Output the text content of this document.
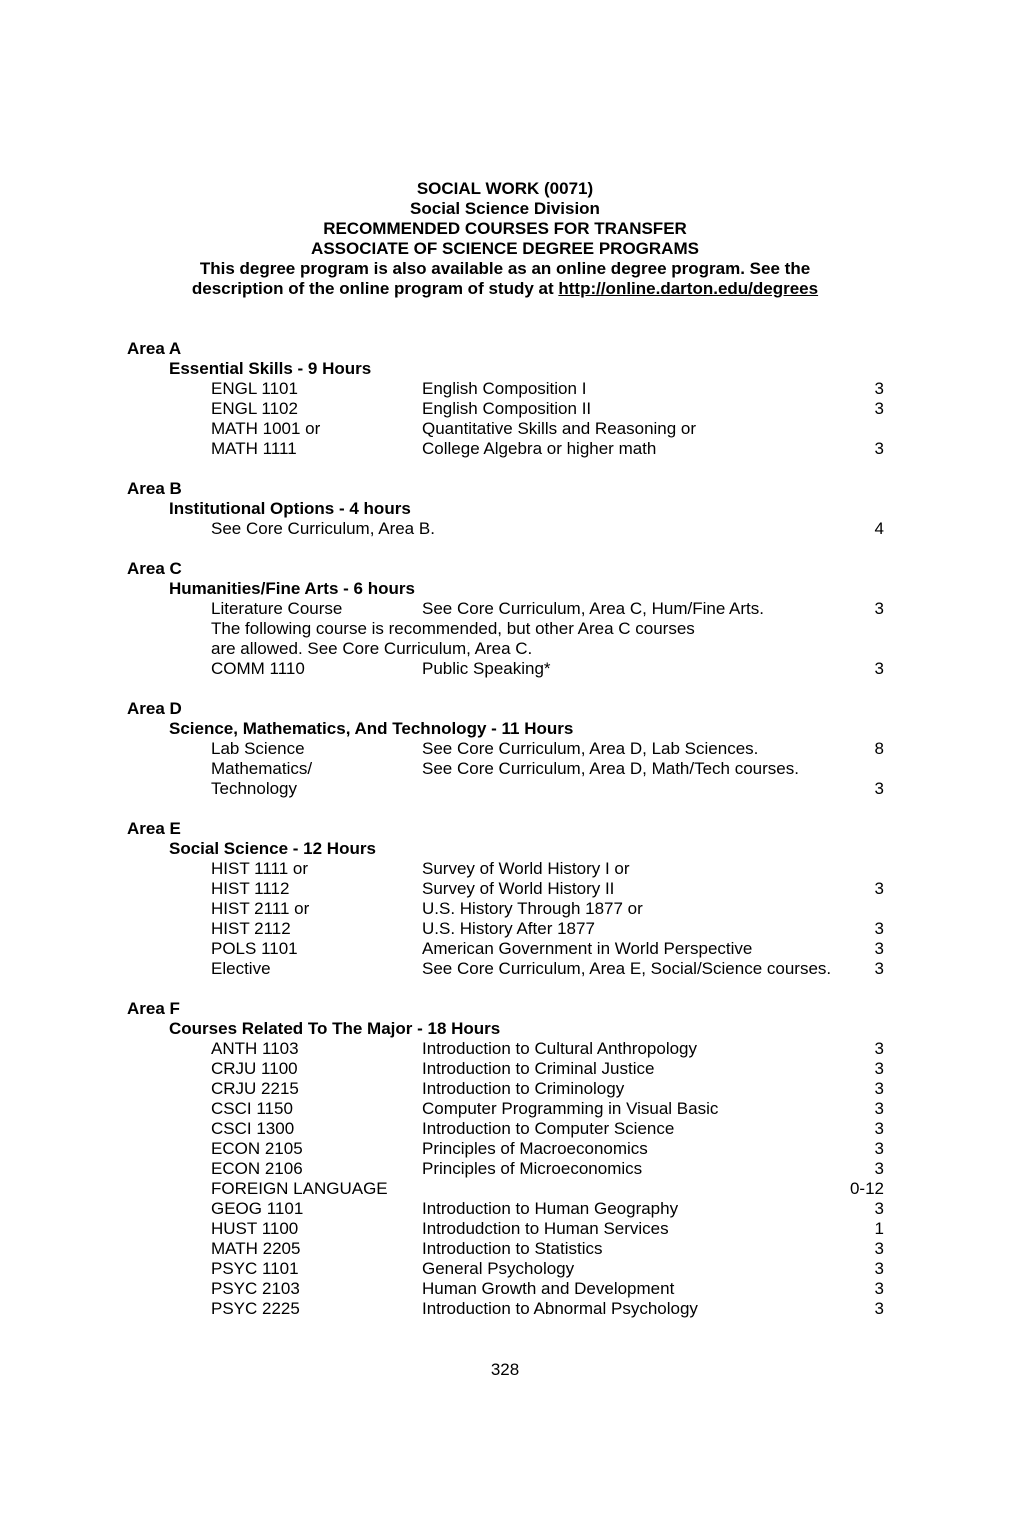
SOCIAL WORK (0071)
Social Science Division
RECOMMENDED COURSES FOR TRANSFER
ASSOCIATE OF SCIENCE DEGREE PROGRAMS
This degree program is also available as an online degree program. See the
description of the online program of study at http://online.darton.edu/degrees
Area A
Essential Skills - 9 Hours
ENGL 1101	English Composition I	3
ENGL 1102	English Composition II	3
MATH 1001 or	Quantitative Skills and Reasoning or
MATH 1111	College Algebra or higher math	3
Area B
Institutional Options - 4 hours
See Core Curriculum, Area B.	4
Area C
Humanities/Fine Arts - 6 hours
Literature Course	See Core Curriculum, Area C, Hum/Fine Arts.	3
The following course is recommended, but other Area C courses
are allowed. See Core Curriculum, Area C.
COMM 1110	Public Speaking*	3
Area D
Science, Mathematics, And Technology - 11 Hours
Lab Science	See Core Curriculum, Area D, Lab Sciences.	8
Mathematics/	See Core Curriculum, Area D, Math/Tech courses.
Technology	3
Area E
Social Science - 12 Hours
HIST 1111 or	Survey of World History I or
HIST 1112	Survey of World History II	3
HIST 2111 or	U.S. History Through 1877 or
HIST 2112	U.S. History After 1877	3
POLS 1101	American Government in World Perspective	3
Elective	See Core Curriculum, Area E, Social/Science courses.	3
Area F
Courses Related To The Major - 18 Hours
ANTH 1103	Introduction to Cultural Anthropology	3
CRJU 1100	Introduction to Criminal Justice	3
CRJU 2215	Introduction to Criminology	3
CSCI 1150	Computer Programming in Visual Basic	3
CSCI 1300	Introduction to Computer Science	3
ECON 2105	Principles of Macroeconomics	3
ECON 2106	Principles of Microeconomics	3
FOREIGN LANGUAGE	0-12
GEOG 1101	Introduction to Human Geography	3
HUST 1100	Introdudction to Human Services	1
MATH 2205	Introduction to Statistics	3
PSYC 1101	General Psychology	3
PSYC 2103	Human Growth and Development	3
PSYC 2225	Introduction to Abnormal Psychology	3
328
